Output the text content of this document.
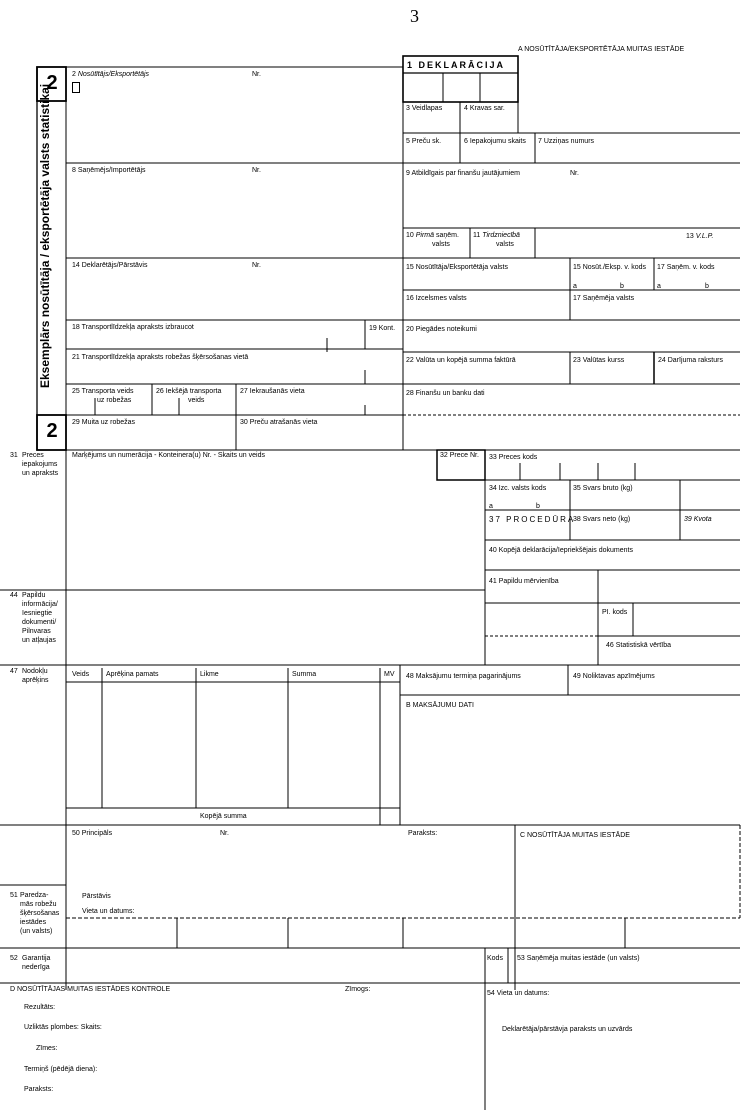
3
A NOSŪTĪTĀJA/EKSPORTĒTĀJA MUITAS IESTĀDE
1 DEKLARĀCIJA
2
2
Eksemplārs nosūtītāja / eksportētāja valsts statistikai
2 Nosūtītājs/Eksportētājs	Nr.
3 Veidlapas	4 Kravas sar.
5 Preču sk.	6 Iepakojumu skaits 7 Uzziņas numurs
8 Saņēmējs/Importētājs	Nr.	9 Atbildīgais par finanšu jautājumiem	Nr.
10 Pirmā saņēm.
valsts
11 Tirdzniecībā
valsts
13 V.L.P.
14 Deklarētājs/Pārstāvis	Nr.	15 Nosūtītāja/Eksportētāja valsts	15 Nosūt./Eksp. v. kods 17 Saņēm. v. kods
a	b	a	b
16 Izcelsmes valsts	17 Saņēmēja valsts
18 Transportlīdzekļa apraksts izbraucot	19 Kont. 20 Piegādes noteikumi
21 Transportlīdzekļa apraksts robežas šķērsošanas vietā	22 Valūta un kopējā summa faktūrā	23 Valūtas kurss	24 Darījuma raksturs
25 Transporta veids
uz robežas
26 Iekšējā transporta
veids
27 Iekraušanās vieta	28 Finanšu un banku dati
29 Muita uz robežas	30 Preču atrašanās vieta
31 Preces
iepakojums
un apraksts
Marķējums un numerācija - Konteinera(u) Nr. - Skaits un veids	32 Prece Nr. 33 Preces kods
34 Izc. valsts kods
a	b
35 Svars bruto (kg)
37 PROCEDŪRA
38 Svars neto (kg)	39 Kvota
40 Kopējā deklarācija/Iepriekšējais dokuments
41 Papildu mērvienība
44 Papildu
informācija/
Iesniegtie
dokumenti/
Pilnvaras
un atļaujas
PI. kods
46 Statistiskā vērtība
47 Nodokļu
aprēķins
Veids Aprēķina pamats	Likme	Summa	MV
Kopējā summa
48 Maksājumu termiņa pagarinājums	49 Noliktavas apzīmējums
B MAKSĀJUMU DATI
50 Principāls	Nr.	Paraksts:	C NOSŪTĪTĀJA MUITAS IESTĀDE
Pārstāvis
Vieta un datums:
51 Paredza-
mās robežu
šķērsošanas
iestādes
(un valsts)
52 Garantija
nederīga
Kods 53 Saņēmēja muitas iestāde (un valsts)
D NOSŪTĪTĀJAS MUITAS IESTĀDES KONTROLE	Zīmogs:
Rezultāts:
Uzliktās plombes: Skaits:
Zīmes:
Termiņš (pēdējā diena):
Paraksts:
54 Vieta un datums:
Deklarētāja/pārstāvja paraksts un uzvārds
